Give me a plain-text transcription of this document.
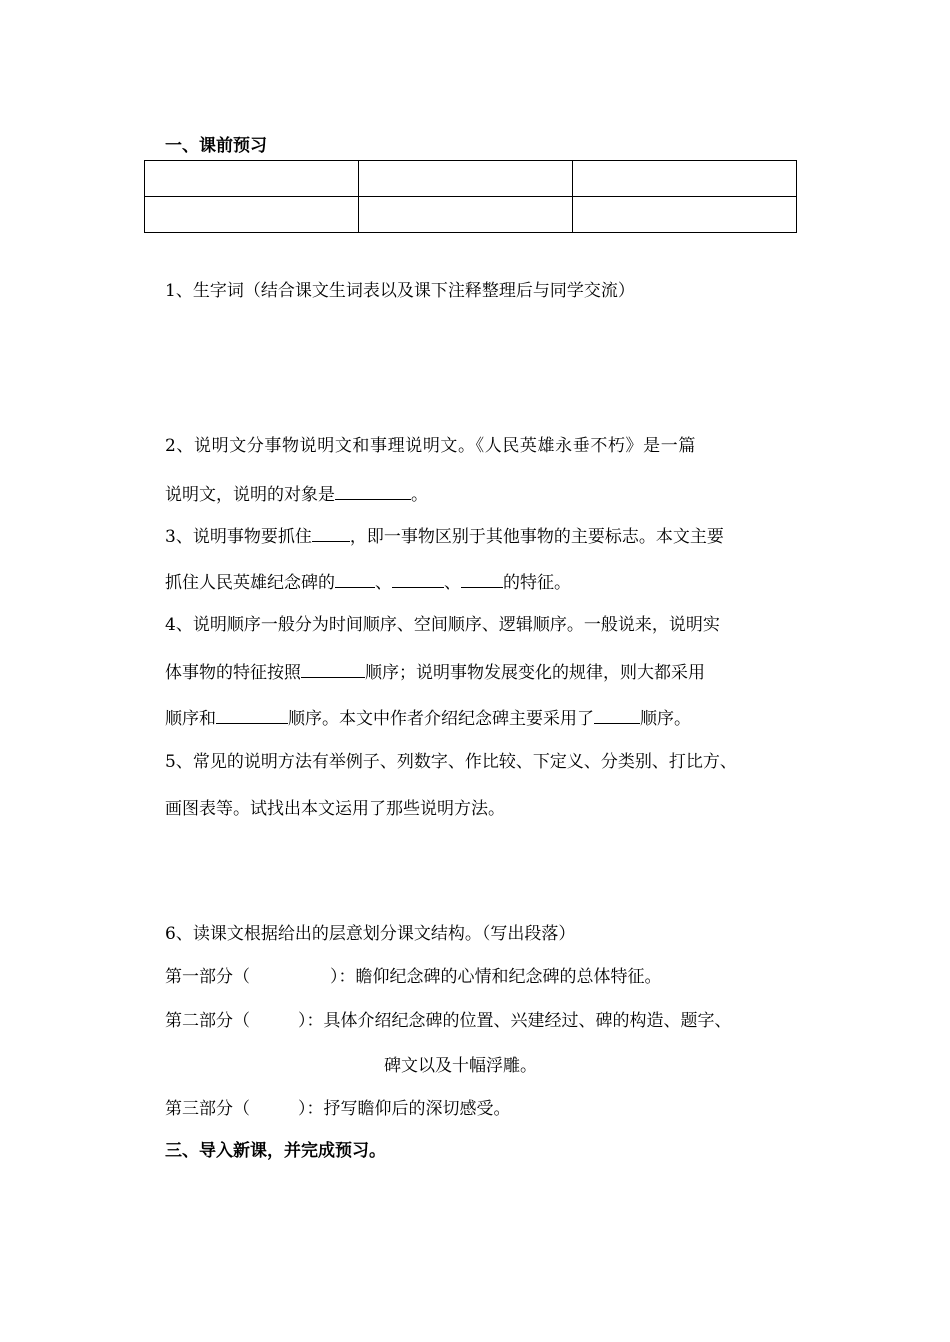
一、课前预习

1、生字词（结合课文生词表以及课下注释整理后与同学交流）
2、说明文分事物说明文和事理说明文。《人民英雄永垂不朽》是一篇
说明文，说明的对象是	。
3、说明事物要抓住 ，即一事物区别于其他事物的主要标志。本文主要
抓住人民英雄纪念碑的 、	、 的特征。
4、说明顺序一般分为时间顺序、空间顺序、逻辑顺序。一般说来，说明实
体事物的特征按照	顺序；说明事物发展变化的规律，则大都采用
顺序和	顺序。本文中作者介绍纪念碑主要采用了	顺序。
5、常见的说明方法有举例子、列数字、作比较、下定义、分类别、打比方、
画图表等。试找出本文运用了那些说明方法。
6、读课文根据给出的层意划分课文结构。（写出段落）
第一部分（	）：瞻仰纪念碑的心情和纪念碑的总体特征。
第二部分（	）：具体介绍纪念碑的位置、兴建经过、碑的构造、题字、
碑文以及十幅浮雕。
第三部分（	）：抒写瞻仰后的深切感受。
三、导入新课，并完成预习。
